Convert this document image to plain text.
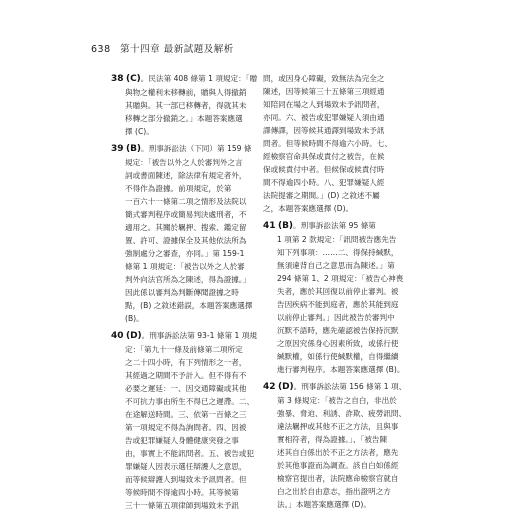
638 第十四章 最新試題及解析
38 (C)。民法第 408 條第 1 項規定：「贈
與物之權利未移轉前，贈與人得撤銷
其贈與。其一部已移轉者，得就其未
移轉之部分撤銷之。」本題答案應選
擇 (C)。
39 (B)。刑事訴訟法（下同）第 159 條
規定：「被告以外之人於審判外之言
詞或書面陳述，除法律有規定者外，
不得作為證據。前項規定，於第
一百六十一條第二項之情形及法院以
簡式審判程序或簡易判決處刑者，不
適用之。其關於羈押、搜索、鑑定留
置、許可、證據保全及其他依法所為
強制處分之審查，亦同。」第 159-1
條第 1 項規定：「被告以外之人於審
判外向法官所為之陳述，得為證據。」
因此係以審判為判斷傳聞證據之時
點，(B) 之敘述錯誤，本題答案應選擇
(B)。
40 (D)。刑事訴訟法第 93-1 條第 1 項規
定：「第九十一條及前條第二項所定
之二十四小時，有下列情形之一者，
其經過之期間不予計入。但不得有不
必要之遲延：一、因交通障礙或其他
不可抗力事由所生不得已之遲滯。二、
在途解送時間。三、依第一百條之三
第一項規定不得為詢問者。四、因被
告或犯罪嫌疑人身體健康突發之事
由，事實上不能訊問者。五、被告或犯
罪嫌疑人因表示選任辯護人之意思，
而等候辯護人到場致未予訊問者。但
等候時間不得逾四小時。其等候第
三十一條第五項律師到場致未予訊
問，或因身心障礙，致無法為完全之
陳述，因等候第三十五條第三項經通
知陪同在場之人到場致未予訊問者，
亦同。六、被告或犯罪嫌疑人須由通
譯傳譯，因等候其通譯到場致未予訊
問者。但等候時間不得逾六小時。七、
經檢察官命具保或責付之被告，在候
保或候責付中者。但候保或候責付時
間不得逾四小時。八、犯罪嫌疑人經
法院提審之期間。」(D) 之敘述不屬
之，本題答案應選擇 (D)。
41 (B)。刑事訴訟法第 95 條第
1 項第 2 款規定：「訊問被告應先告
知下列事項：……二、得保持緘默，
無須違背自己之意思而為陳述。」第
294 條第 1、2 項規定：「被告心神喪
失者，應於其回復以前停止審判。被
告因疾病不能到庭者，應於其能到庭
以前停止審判。」因此被告於審判中
沉默不語時，應先確認被告保持沉默
之原因究係身心因素所致，或係行使
緘默權，如係行使緘默權，自得繼續
進行審判程序。本題答案應選擇 (B)。
42 (D)。刑事訴訟法第 156 條第 1 項、
第 3 條規定：「被告之自白，非出於
強暴、脅迫、利誘、詐欺、疲勞訊問、
違法羈押或其他不正之方法，且與事
實相符者，得為證據。」、「被告陳
述其自白係出於不正之方法者，應先
於其他事證而為調查。該自白如係經
檢察官提出者，法院應命檢察官就自
白之出於自由意志，指出證明之方
法。」本題答案應選擇 (D)。
